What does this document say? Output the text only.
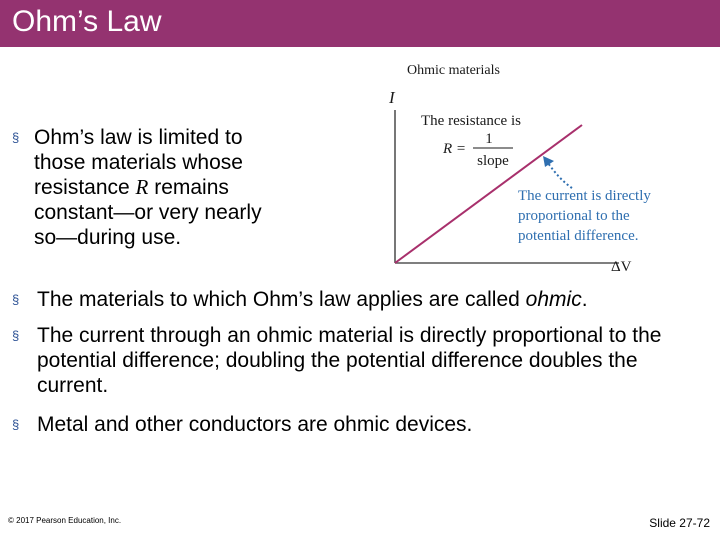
Ohm’s Law
§ Ohm’s law is limited to those materials whose resistance R remains constant—or very nearly so—during use.
§ The materials to which Ohm’s law applies are called ohmic.
§ The current through an ohmic material is directly proportional to the potential difference; doubling the potential difference doubles the current.
§ Metal and other conductors are ohmic devices.
Ohmic materials
I
ΔV
The resistance is
R =
1
slope
The current is directly
proportional to the
potential difference.
© 2017 Pearson Education, Inc.	Slide 27-72
